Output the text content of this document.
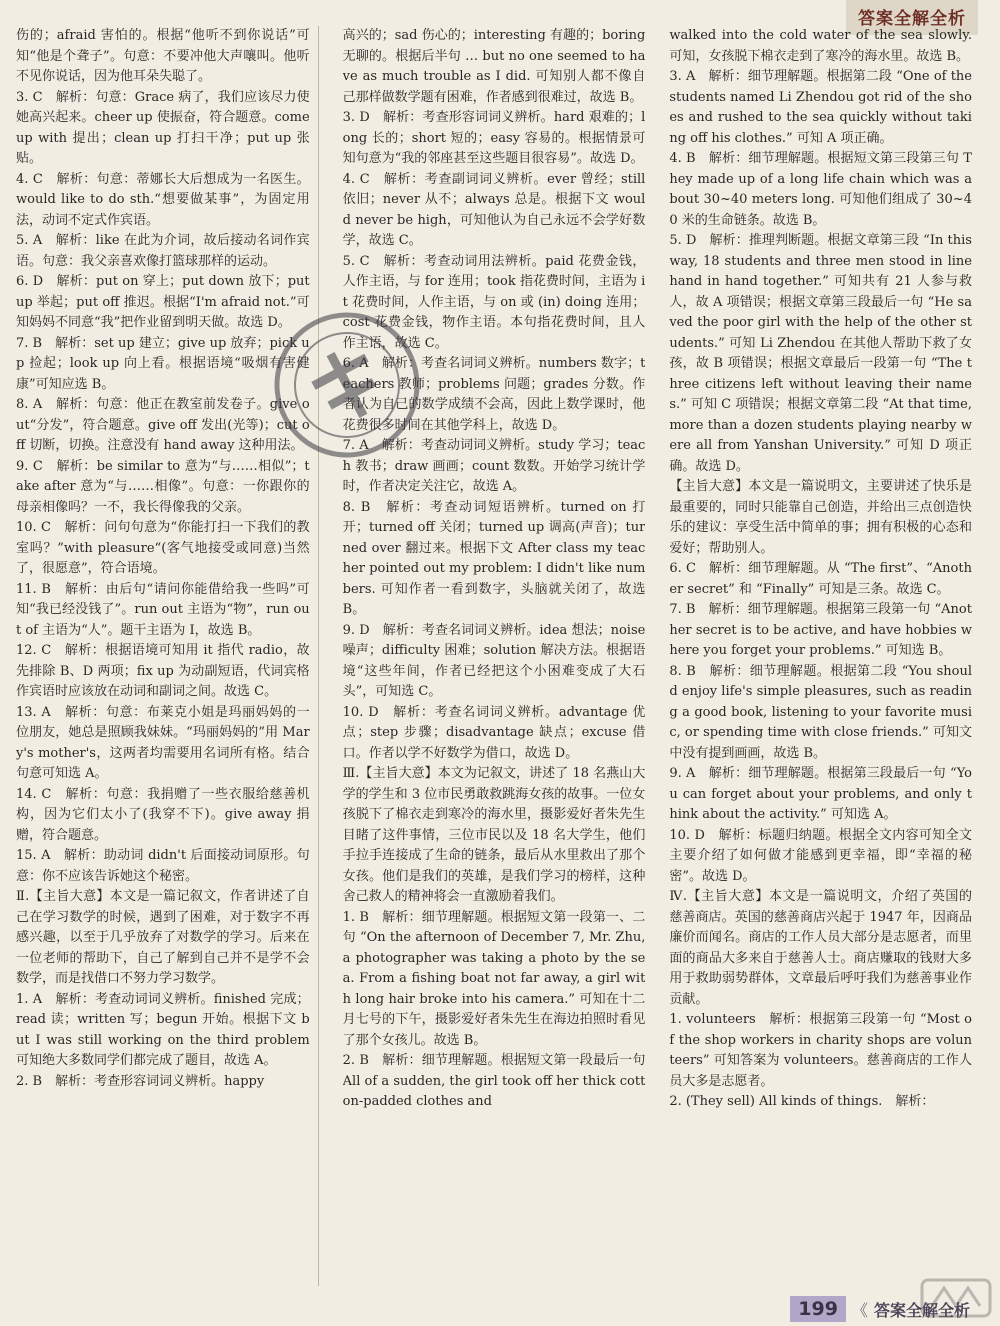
答案全解全析

伤的；afraid 害怕的。根据“他听不到你说话”可知“他是个聋子”。句意：不要冲他大声嚷叫。他听不见你说话，因为他耳朵失聪了。

3. C　解析：句意：Grace 病了，我们应该尽力使她高兴起来。cheer up 使振奋，符合题意。come up with 提出；clean up 打扫干净；put up 张贴。

4. C　解析：句意：蒂娜长大后想成为一名医生。would like to do sth.“想要做某事”，为固定用法，动词不定式作宾语。

5. A　解析：like 在此为介词，故后接动名词作宾语。句意：我父亲喜欢像打篮球那样的运动。

6. D　解析：put on 穿上；put down 放下；put up 举起；put off 推迟。根据“I'm afraid not.”可知妈妈不同意“我”把作业留到明天做。故选 D。

7. B　解析：set up 建立；give up 放弃；pick up 捡起；look up 向上看。根据语境“吸烟有害健康”可知应选 B。

8. A　解析：句意：他正在教室前发卷子。give out“分发”，符合题意。give off 发出(光等)；cut off 切断，切换。注意没有 hand away 这种用法。

9. C　解析：be similar to 意为“与……相似”；take after 意为“与……相像”。句意：一你跟你的母亲相像吗？一不，我长得像我的父亲。

10. C　解析：问句句意为“你能打扫一下我们的教室吗？”with pleasure“(客气地接受或同意)当然了，很愿意”，符合语境。

11. B　解析：由后句“请问你能借给我一些吗”可知“我已经没钱了”。run out 主语为“物”，run out of 主语为“人”。题干主语为 I，故选 B。

12. C　解析：根据语境可知用 it 指代 radio，故先排除 B、D 两项；fix up 为动副短语，代词宾格作宾语时应该放在动词和副词之间。故选 C。

13. A　解析：句意：布莱克小姐是玛丽妈妈的一位朋友，她总是照顾我妹妹。“玛丽妈妈的”用 Mary's mother's，这两者均需要用名词所有格。结合句意可知选 A。

14. C　解析：句意：我捐赠了一些衣服给慈善机构，因为它们太小了(我穿不下)。give away 捐赠，符合题意。

15. A　解析：助动词 didn't 后面接动词原形。句意：你不应该告诉她这个秘密。

Ⅱ.【主旨大意】本文是一篇记叙文，作者讲述了自己在学习数学的时候，遇到了困难，对于数字不再感兴趣，以至于几乎放弃了对数学的学习。后来在一位老师的帮助下，自己了解到自己并不是学不会数学，而是找借口不努力学习数学。

1. A　解析：考查动词词义辨析。finished 完成；read 读；written 写；begun 开始。根据下文 but I was still working on the third problem 可知绝大多数同学们都完成了题目，故选 A。

2. B　解析：考查形容词词义辨析。happy

高兴的；sad 伤心的；interesting 有趣的；boring 无聊的。根据后半句 … but no one seemed to have as much trouble as I did. 可知别人都不像自己那样做数学题有困难，作者感到很难过，故选 B。

3. D　解析：考查形容词词义辨析。hard 艰难的；long 长的；short 短的；easy 容易的。根据情景可知句意为“我的邻座甚至这些题目很容易”。故选 D。

4. C　解析：考查副词词义辨析。ever 曾经；still 依旧；never 从不；always 总是。根据下文 would never be high，可知他认为自己永远不会学好数学，故选 C。

5. C　解析：考查动词用法辨析。paid 花费金钱，人作主语，与 for 连用；took 指花费时间，主语为 it 花费时间，人作主语，与 on 或 (in) doing 连用；cost 花费金钱，物作主语。本句指花费时间，且人作主语，故选 C。

6. A　解析：考查名词词义辨析。numbers 数字；teachers 教师；problems 问题；grades 分数。作者认为自己的数学成绩不会高，因此上数学课时，他花费很多时间在其他学科上，故选 D。

7. A　解析：考查动词词义辨析。study 学习；teach 教书；draw 画画；count 数数。开始学习统计学时，作者决定关注它，故选 A。

8. B　解析：考查动词短语辨析。turned on 打开；turned off 关闭；turned up 调高(声音)；turned over 翻过来。根据下文 After class my teacher pointed out my problem: I didn't like numbers. 可知作者一看到数字，头脑就关闭了，故选 B。

9. D　解析：考查名词词义辨析。idea 想法；noise 噪声；difficulty 困难；solution 解决方法。根据语境“这些年间，作者已经把这个小困难变成了大石头”，可知选 C。

10. D　解析：考查名词词义辨析。advantage 优点；step 步骤；disadvantage 缺点；excuse 借口。作者以学不好数学为借口，故选 D。

Ⅲ.【主旨大意】本文为记叙文，讲述了 18 名燕山大学的学生和 3 位市民勇敢救跳海女孩的故事。一位女孩脱下了棉衣走到寒冷的海水里，摄影爱好者朱先生目睹了这件事情，三位市民以及 18 名大学生，他们手拉手连接成了生命的链条，最后从水里救出了那个女孩。他们是我们的英雄，是我们学习的榜样，这种舍己救人的精神将会一直激励着我们。

1. B　解析：细节理解题。根据短文第一段第一、二句 “On the afternoon of December 7, Mr. Zhu, a photographer was taking a photo by the sea. From a fishing boat not far away, a girl with long hair broke into his camera.” 可知在十二月七号的下午，摄影爱好者朱先生在海边拍照时看见了那个女孩儿。故选 B。

2. B　解析：细节理解题。根据短文第一段最后一句 All of a sudden, the girl took off her thick cotton-padded clothes and

walked into the cold water of the sea slowly. 可知，女孩脱下棉衣走到了寒冷的海水里。故选 B。

3. A　解析：细节理解题。根据第二段 “One of the students named Li Zhendou got rid of the shoes and rushed to the sea quickly without taking off his clothes.” 可知 A 项正确。

4. B　解析：细节理解题。根据短文第三段第三句 They made up of a long life chain which was about 30~40 meters long. 可知他们组成了 30~40 米的生命链条。故选 B。

5. D　解析：推理判断题。根据文章第三段 “In this way, 18 students and three men stood in line hand in hand together.” 可知共有 21 人参与救人，故 A 项错误；根据文章第三段最后一句 “He saved the poor girl with the help of the other students.” 可知 Li Zhendou 在其他人帮助下救了女孩，故 B 项错误；根据文章最后一段第一句 “The three citizens left without leaving their names.” 可知 C 项错误；根据文章第二段 “At that time, more than a dozen students playing nearby were all from Yanshan University.” 可知 D 项正确。故选 D。

【主旨大意】本文是一篇说明文，主要讲述了快乐是最重要的，同时只能靠自己创造，并给出三点创造快乐的建议：享受生活中简单的事；拥有积极的心态和爱好；帮助别人。

6. C　解析：细节理解题。从 “The first”、“Another secret” 和 “Finally” 可知是三条。故选 C。

7. B　解析：细节理解题。根据第三段第一句 “Another secret is to be active, and have hobbies where you forget your problems.” 可知选 B。

8. B　解析：细节理解题。根据第二段 “You should enjoy life's simple pleasures, such as reading a good book, listening to your favorite music, or spending time with close friends.” 可知文中没有提到画画，故选 B。

9. A　解析：细节理解题。根据第三段最后一句 “You can forget about your problems, and only think about the activity.” 可知选 A。

10. D　解析：标题归纳题。根据全文内容可知全文主要介绍了如何做才能感到更幸福，即“幸福的秘密”。故选 D。

Ⅳ.【主旨大意】本文是一篇说明文，介绍了英国的慈善商店。英国的慈善商店兴起于 1947 年，因商品廉价而闻名。商店的工作人员大部分是志愿者，而里面的商品大多来自于慈善人士。商店赚取的钱财大多用于救助弱势群体，文章最后呼吁我们为慈善事业作贡献。

1. volunteers　解析：根据第三段第一句 “Most of the shop workers in charity shops are volunteers” 可知答案为 volunteers。慈善商店的工作人员大多是志愿者。

2. (They sell) All kinds of things.　解析：

199 《 答案全解全析
